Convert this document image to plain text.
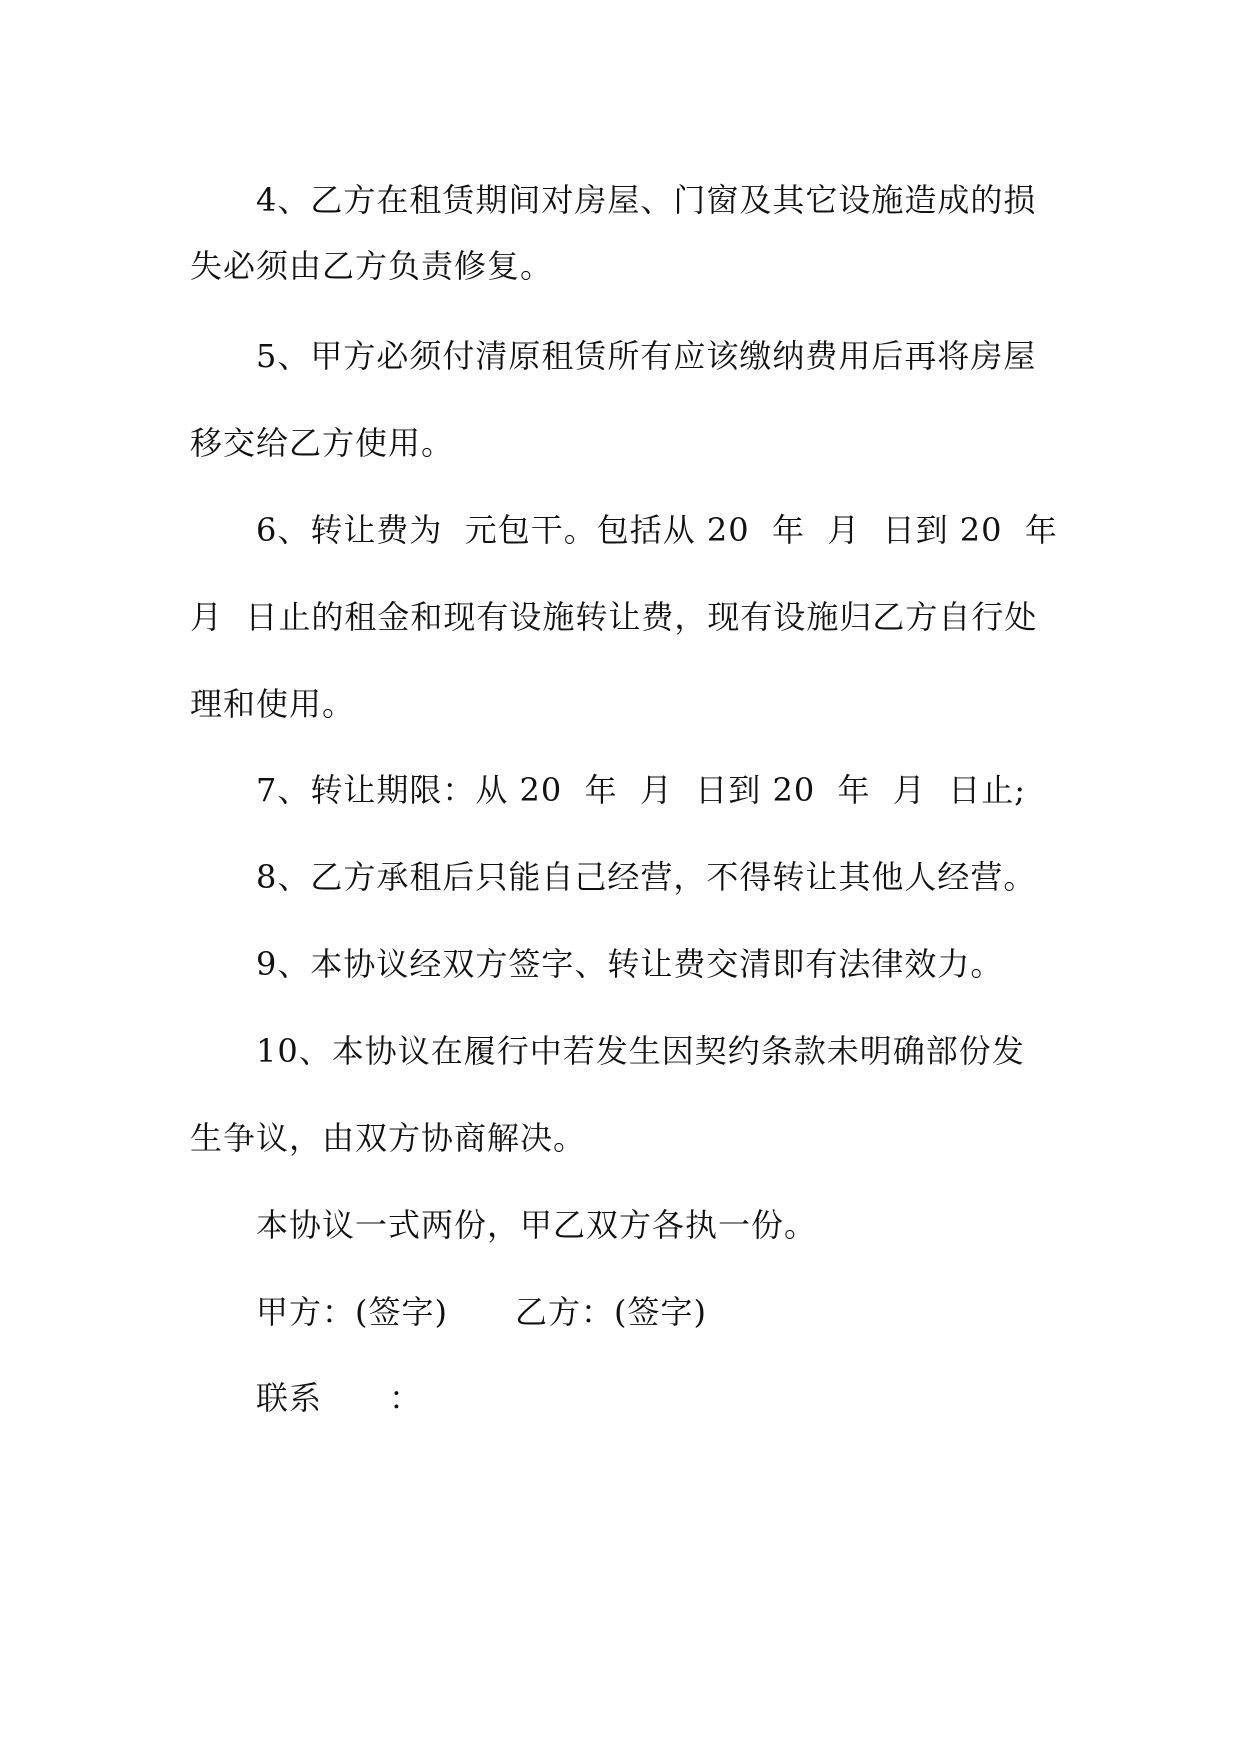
4、乙方在租赁期间对房屋、门窗及其它设施造成的损
失必须由乙方负责修复。
5、甲方必须付清原租赁所有应该缴纳费用后再将房屋
移交给乙方使用。
6、转让费为  元包干。包括从 20  年  月  日到 20  年
月  日止的租金和现有设施转让费，现有设施归乙方自行处
理和使用。
7、转让期限：从 20  年  月  日到 20  年  月  日止;
8、乙方承租后只能自己经营，不得转让其他人经营。
9、本协议经双方签字、转让费交清即有法律效力。
10、本协议在履行中若发生因契约条款未明确部份发
生争议，由双方协商解决。
本协议一式两份，甲乙双方各执一份。
甲方：(签字)      乙方：(签字)
联系      ：
